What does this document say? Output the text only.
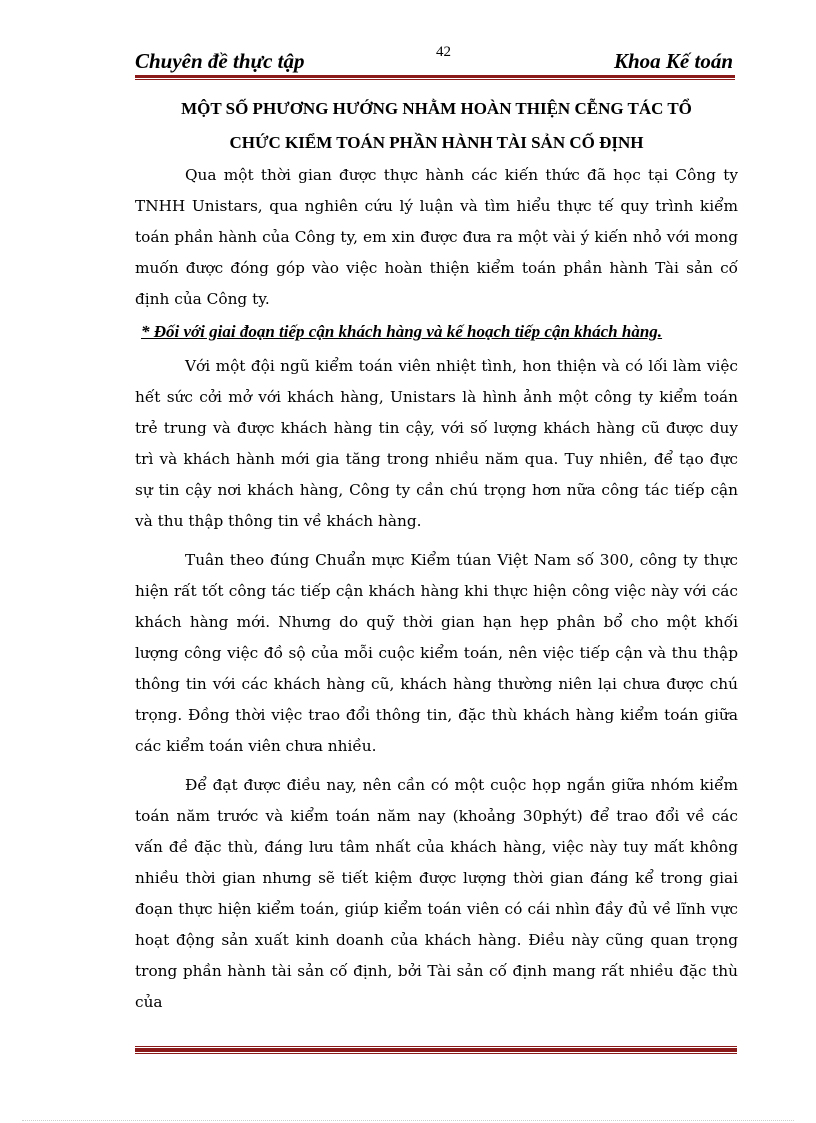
Chuyên đề thực tập	42	Khoa Kế toán

MỘT SỐ PHƯƠNG HƯỚNG NHẰM HOÀN THIỆN CỄNG TÁC TỔ

CHỨC KIỂM TOÁN PHẦN HÀNH TÀI SẢN CỐ ĐỊNH

Qua một thời gian được thực hành các kiến thức đã học tại Công ty TNHH Unistars, qua nghiên cứu lý luận và tìm hiểu thực tế quy trình kiểm toán phần hành của Công ty, em xin được đưa ra một vài ý kiến nhỏ với mong muốn được đóng góp vào việc hoàn thiện kiểm toán phần hành Tài sản cố định của Công ty.

* Đối với giai đoạn tiếp cận khách hàng và kế hoạch tiếp cận khách hàng.

Với một đội ngũ kiểm toán viên nhiệt tình, hon thiện và có lối làm việc hết sức cởi mở với khách hàng, Unistars là hình ảnh một công ty kiểm toán trẻ trung và được khách hàng tin cậy, với số lượng khách hàng cũ được duy trì và khách hành mới gia tăng trong nhiều năm qua. Tuy nhiên, để tạo đực sự tin cậy nơi khách hàng, Công ty cần chú trọng hơn nữa công tác tiếp cận và thu thập thông tin về khách hàng.

Tuân theo đúng Chuẩn mực Kiểm túan Việt Nam số 300, công ty thực hiện rất tốt công tác tiếp cận khách hàng khi thực hiện công việc này với các khách hàng mới. Nhưng do quỹ thời gian hạn hẹp phân bổ cho một khối lượng công việc đồ sộ của mỗi cuộc kiểm toán, nên việc tiếp cận và thu thập thông tin với các khách hàng cũ, khách hàng thường niên lại chưa được chú trọng. Đồng thời việc trao đổi thông tin, đặc thù khách hàng kiểm toán giữa các kiểm toán viên chưa nhiều.

Để đạt được điều nay, nên cần có một cuộc họp ngắn giữa nhóm kiểm toán năm trước và kiểm toán năm nay (khoảng 30phýt) để trao đổi về các vấn đề đặc thù, đáng lưu tâm nhất của khách hàng, việc này tuy mất không nhiều thời gian nhưng sẽ tiết kiệm được lượng thời gian đáng kể trong giai đoạn thực hiện kiểm toán, giúp kiểm toán viên có cái nhìn đầy đủ về lĩnh vực hoạt động sản xuất kinh doanh của khách hàng. Điều này cũng quan trọng trong phần hành tài sản cố định, bởi Tài sản cố định mang rất nhiều đặc thù của
